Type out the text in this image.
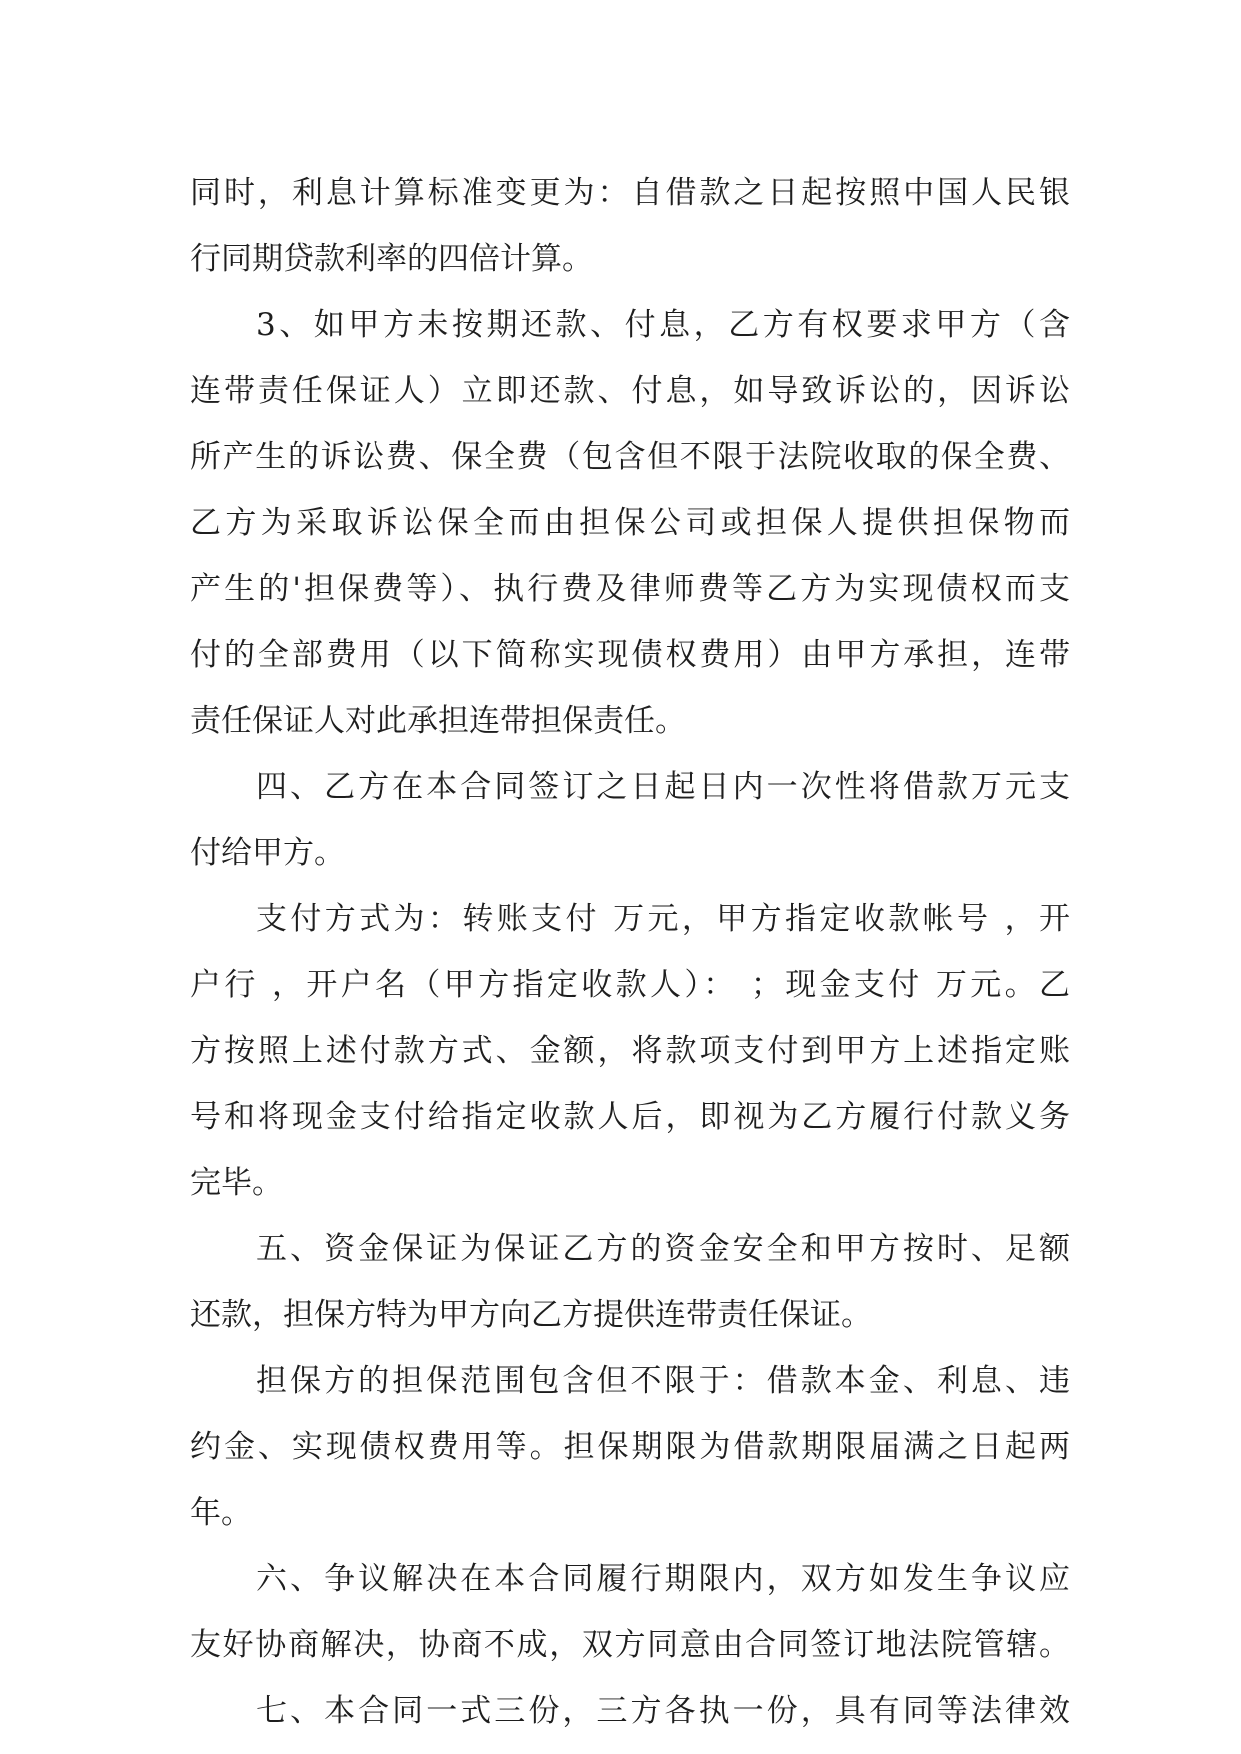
同时，利息计算标准变更为：自借款之日起按照中国人民银
行同期贷款利率的四倍计算。
3、如甲方未按期还款、付息，乙方有权要求甲方（含
连带责任保证人）立即还款、付息，如导致诉讼的，因诉讼
所产生的诉讼费、保全费（包含但不限于法院收取的保全费、
乙方为采取诉讼保全而由担保公司或担保人提供担保物而
产生的'担保费等）、执行费及律师费等乙方为实现债权而支
付的全部费用（以下简称实现债权费用）由甲方承担，连带
责任保证人对此承担连带担保责任。
四、乙方在本合同签订之日起日内一次性将借款万元支
付给甲方。
支付方式为：转账支付 万元，甲方指定收款帐号 ，开
户行 ，开户名（甲方指定收款人）： ；现金支付 万元。乙
方按照上述付款方式、金额，将款项支付到甲方上述指定账
号和将现金支付给指定收款人后，即视为乙方履行付款义务
完毕。
五、资金保证为保证乙方的资金安全和甲方按时、足额
还款，担保方特为甲方向乙方提供连带责任保证。
担保方的担保范围包含但不限于：借款本金、利息、违
约金、实现债权费用等。担保期限为借款期限届满之日起两
年。
六、争议解决在本合同履行期限内，双方如发生争议应
友好协商解决，协商不成，双方同意由合同签订地法院管辖。
七、本合同一式三份，三方各执一份，具有同等法律效
